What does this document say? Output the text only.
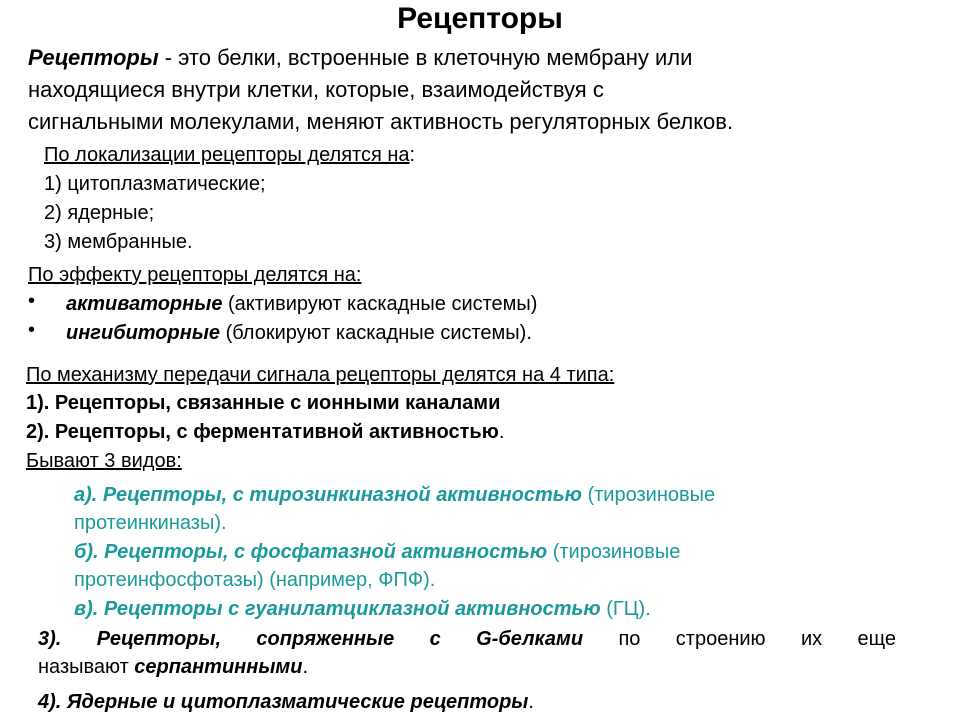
Рецепторы
Рецепторы - это белки, встроенные в клеточную мембрану или
находящиеся внутри клетки, которые, взаимодействуя с
сигнальными молекулами, меняют активность регуляторных белков.
По локализации рецепторы делятся на:
1) цитоплазматические;
2) ядерные;
3) мембранные.
По эффекту рецепторы делятся на:
• активаторные (активируют каскадные системы)
• ингибиторные (блокируют каскадные системы).
По механизму передачи сигнала рецепторы делятся на 4 типа:
1). Рецепторы, связанные с ионными каналами
2). Рецепторы, с ферментативной активностью.
Бывают 3 видов:
а). Рецепторы, с тирозинкиназной активностью (тирозиновые
протеинкиназы).
б). Рецепторы, с фосфатазной активностью (тирозиновые
протеинфосфотазы) (например, ФПФ).
в). Рецепторы с гуанилатциклазной активностью (ГЦ).
3). Рецепторы, сопряженные с G-белками по строению их еще
называют серпантинными.
4). Ядерные и цитоплазматические рецепторы.
